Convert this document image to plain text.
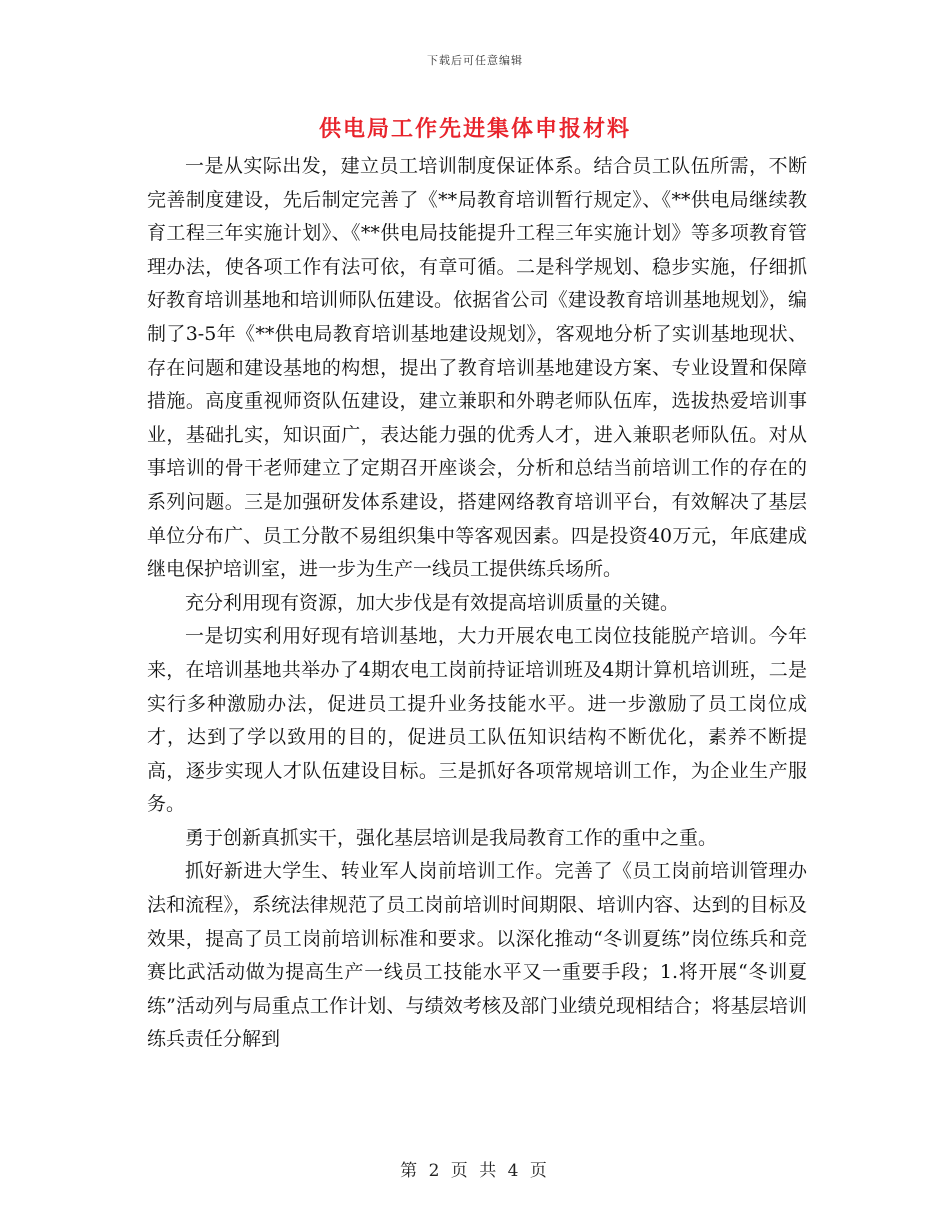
下载后可任意编辑
供电局工作先进集体申报材料

一是从实际出发，建立员工培训制度保证体系。结合员工队伍所需，不断完善制度建设，先后制定完善了《**局教育培训暂行规定》、《**供电局继续教育工程三年实施计划》、《**供电局技能提升工程三年实施计划》等多项教育管理办法，使各项工作有法可依，有章可循。二是科学规划、稳步实施，仔细抓好教育培训基地和培训师队伍建设。依据省公司《建设教育培训基地规划》，编制了3-5年《**供电局教育培训基地建设规划》，客观地分析了实训基地现状、存在问题和建设基地的构想，提出了教育培训基地建设方案、专业设置和保障措施。高度重视师资队伍建设，建立兼职和外聘老师队伍库，选拔热爱培训事业，基础扎实，知识面广，表达能力强的优秀人才，进入兼职老师队伍。对从事培训的骨干老师建立了定期召开座谈会，分析和总结当前培训工作的存在的系列问题。三是加强研发体系建设，搭建网络教育培训平台，有效解决了基层单位分布广、员工分散不易组织集中等客观因素。四是投资40万元，年底建成继电保护培训室，进一步为生产一线员工提供练兵场所。

充分利用现有资源，加大步伐是有效提高培训质量的关键。

一是切实利用好现有培训基地，大力开展农电工岗位技能脱产培训。今年来，在培训基地共举办了4期农电工岗前持证培训班及4期计算机培训班，二是实行多种激励办法，促进员工提升业务技能水平。进一步激励了员工岗位成才，达到了学以致用的目的，促进员工队伍知识结构不断优化，素养不断提高，逐步实现人才队伍建设目标。三是抓好各项常规培训工作，为企业生产服务。

勇于创新真抓实干，强化基层培训是我局教育工作的重中之重。

抓好新进大学生、转业军人岗前培训工作。完善了《员工岗前培训管理办法和流程》，系统法律规范了员工岗前培训时间期限、培训内容、达到的目标及效果，提高了员工岗前培训标准和要求。以深化推动“冬训夏练”岗位练兵和竞赛比武活动做为提高生产一线员工技能水平又一重要手段；1.将开展“冬训夏练”活动列与局重点工作计划、与绩效考核及部门业绩兑现相结合；将基层培训练兵责任分解到

第 2 页 共 4 页
